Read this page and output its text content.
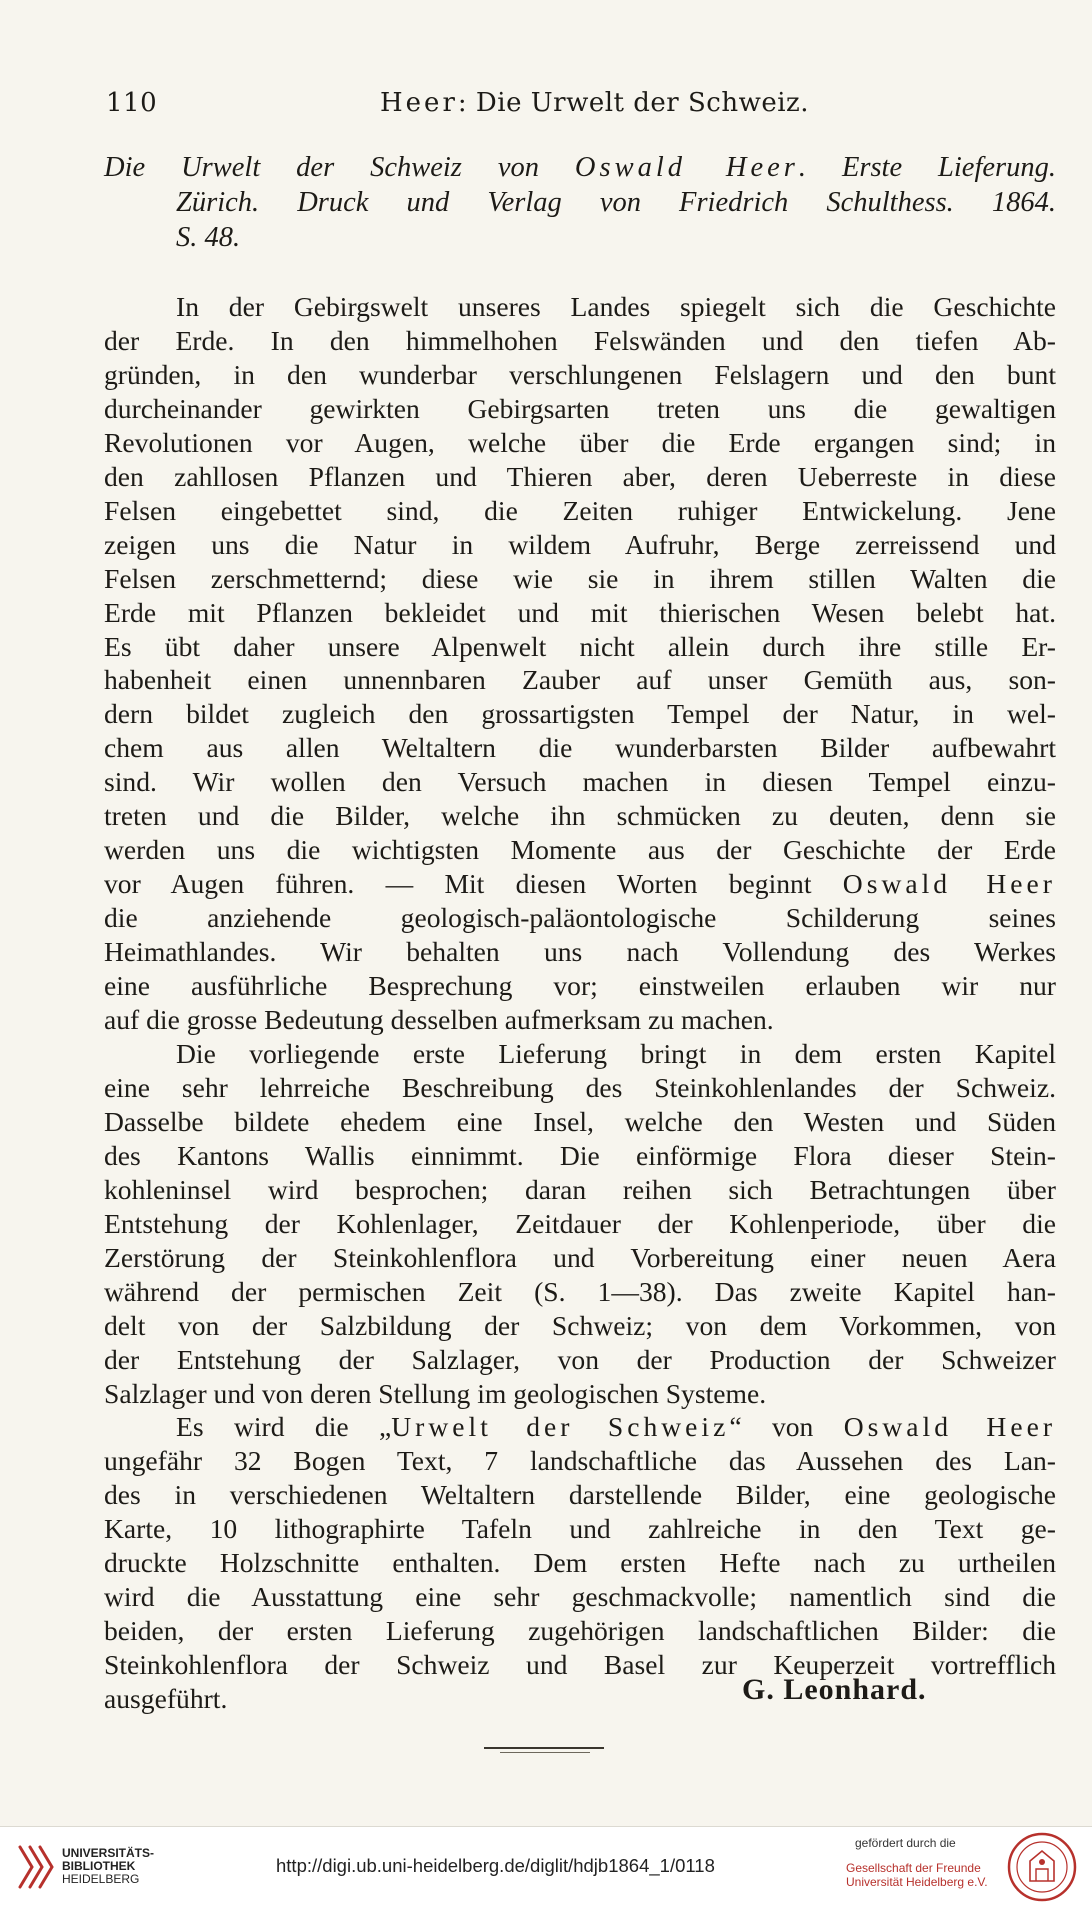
110	Heer: Die Urwelt der Schweiz.
Die Urwelt der Schweiz von Oswald Heer. Erste Lieferung.
Zürich. Druck und Verlag von Friedrich Schulthess. 1864.
S. 48.
In der Gebirgswelt unseres Landes spiegelt sich die Geschichte
der Erde. In den himmelhohen Felswänden und den tiefen Ab-
gründen, in den wunderbar verschlungenen Felslagern und den bunt
durcheinander gewirkten Gebirgsarten treten uns die gewaltigen
Revolutionen vor Augen, welche über die Erde ergangen sind; in
den zahllosen Pflanzen und Thieren aber, deren Ueberreste in diese
Felsen eingebettet sind, die Zeiten ruhiger Entwickelung. Jene
zeigen uns die Natur in wildem Aufruhr, Berge zerreissend und
Felsen zerschmetternd; diese wie sie in ihrem stillen Walten die
Erde mit Pflanzen bekleidet und mit thierischen Wesen belebt hat.
Es übt daher unsere Alpenwelt nicht allein durch ihre stille Er-
habenheit einen unnennbaren Zauber auf unser Gemüth aus, son-
dern bildet zugleich den grossartigsten Tempel der Natur, in wel-
chem aus allen Weltaltern die wunderbarsten Bilder aufbewahrt
sind. Wir wollen den Versuch machen in diesen Tempel einzu-
treten und die Bilder, welche ihn schmücken zu deuten, denn sie
werden uns die wichtigsten Momente aus der Geschichte der Erde
vor Augen führen. — Mit diesen Worten beginnt Oswald Heer
die anziehende geologisch-paläontologische Schilderung seines
Heimathlandes. Wir behalten uns nach Vollendung des Werkes
eine ausführliche Besprechung vor; einstweilen erlauben wir nur
auf die grosse Bedeutung desselben aufmerksam zu machen.
Die vorliegende erste Lieferung bringt in dem ersten Kapitel
eine sehr lehrreiche Beschreibung des Steinkohlenlandes der Schweiz.
Dasselbe bildete ehedem eine Insel, welche den Westen und Süden
des Kantons Wallis einnimmt. Die einförmige Flora dieser Stein-
kohleninsel wird besprochen; daran reihen sich Betrachtungen über
Entstehung der Kohlenlager, Zeitdauer der Kohlenperiode, über die
Zerstörung der Steinkohlenflora und Vorbereitung einer neuen Aera
während der permischen Zeit (S. 1—38). Das zweite Kapitel han-
delt von der Salzbildung der Schweiz; von dem Vorkommen, von
der Entstehung der Salzlager, von der Production der Schweizer
Salzlager und von deren Stellung im geologischen Systeme.
Es wird die „Urwelt der Schweiz“ von Oswald Heer
ungefähr 32 Bogen Text, 7 landschaftliche das Aussehen des Lan-
des in verschiedenen Weltaltern darstellende Bilder, eine geologische
Karte, 10 lithographirte Tafeln und zahlreiche in den Text ge-
druckte Holzschnitte enthalten. Dem ersten Hefte nach zu urtheilen
wird die Ausstattung eine sehr geschmackvolle; namentlich sind die
beiden, der ersten Lieferung zugehörigen landschaftlichen Bilder: die
Steinkohlenflora der Schweiz und Basel zur Keuperzeit vortrefflich
ausgeführt.	G. Leonhard.
UNIVERSITÄTS-
BIBLIOTHEK
HEIDELBERG
http://digi.ub.uni-heidelberg.de/diglit/hdjb1864_1/0118
gefördert durch die
Gesellschaft der Freunde
Universität Heidelberg e.V.
